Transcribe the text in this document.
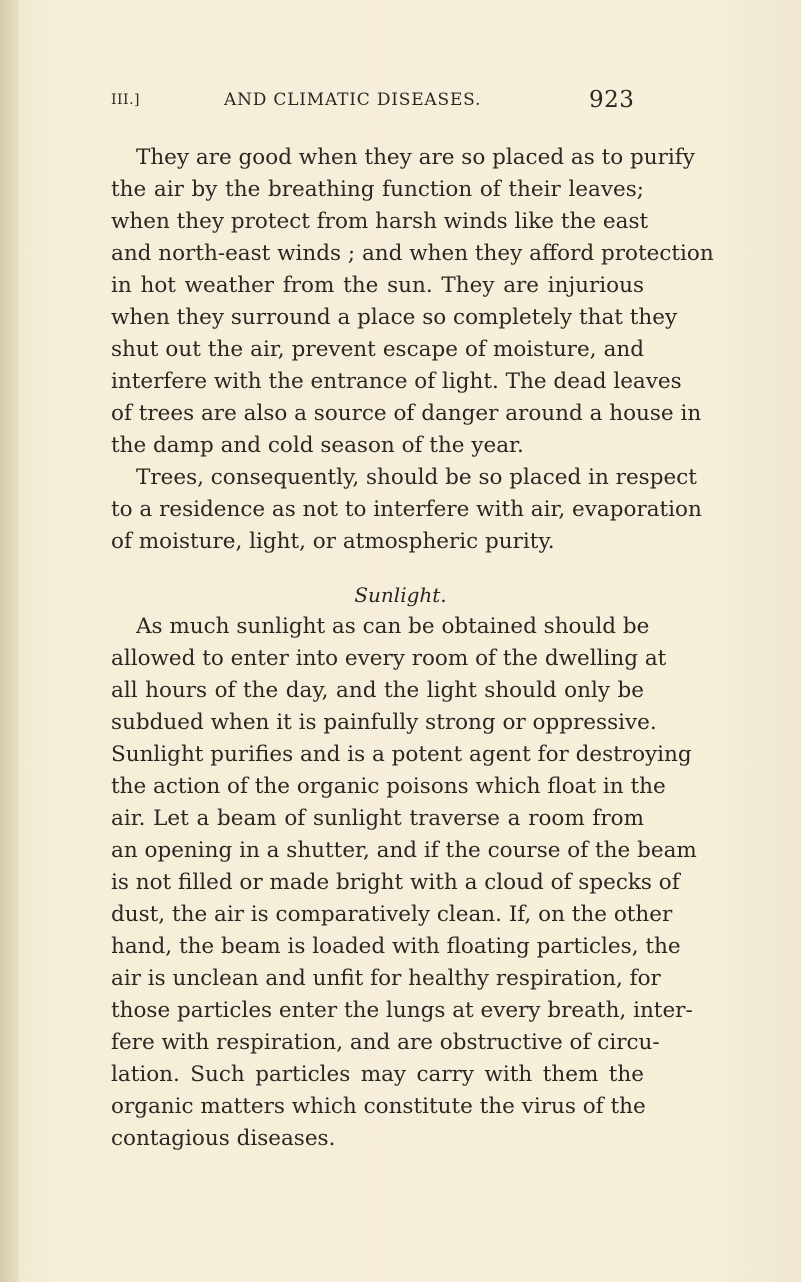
III.]	AND CLIMATIC DISEASES.	923
They are good when they are so placed as to purify
the air by the breathing function of their leaves;
when they protect from harsh winds like the east
and north-east winds ; and when they afford protection
in hot weather from the sun. They are injurious
when they surround a place so completely that they
shut out the air, prevent escape of moisture, and
interfere with the entrance of light. The dead leaves
of trees are also a source of danger around a house in
the damp and cold season of the year.
Trees, consequently, should be so placed in respect
to a residence as not to interfere with air, evaporation
of moisture, light, or atmospheric purity.
Sunlight.
As much sunlight as can be obtained should be
allowed to enter into every room of the dwelling at
all hours of the day, and the light should only be
subdued when it is painfully strong or oppressive.
Sunlight purifies and is a potent agent for destroying
the action of the organic poisons which float in the
air. Let a beam of sunlight traverse a room from
an opening in a shutter, and if the course of the beam
is not filled or made bright with a cloud of specks of
dust, the air is comparatively clean. If, on the other
hand, the beam is loaded with floating particles, the
air is unclean and unfit for healthy respiration, for
those particles enter the lungs at every breath, inter-
fere with respiration, and are obstructive of circu-
lation. Such particles may carry with them the
organic matters which constitute the virus of the
contagious diseases.
